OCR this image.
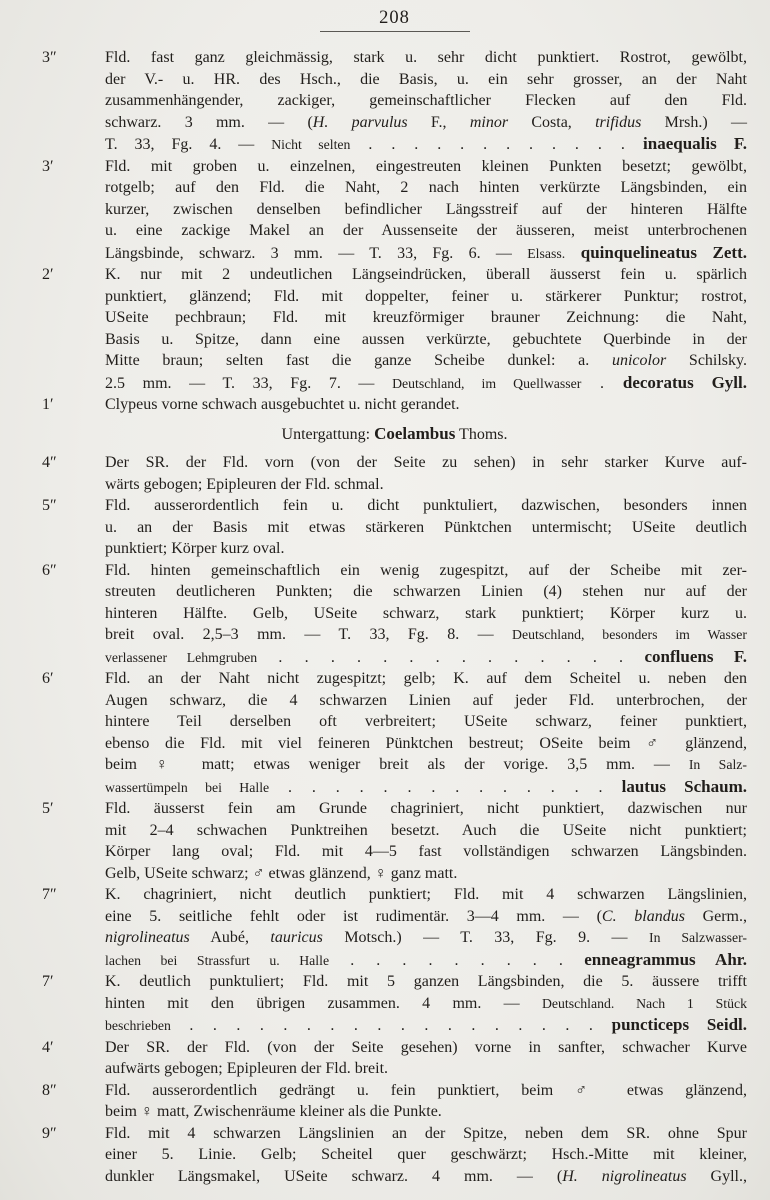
208
3″	Fld. fast ganz gleichmässig, stark u. sehr dicht punktiert. Rostrot, gewölbt,
der V.- u. HR. des Hsch., die Basis, u. ein sehr grosser, an der Naht
zusammenhängender, zackiger, gemeinschaftlicher Flecken auf den Fld.
schwarz. 3 mm. — (H. parvulus F., minor Costa, trifidus Mrsh.) —
T. 33, Fg. 4. — Nicht selten . . . . . . . . . . . . inaequalis F.
3′	Fld. mit groben u. einzelnen, eingestreuten kleinen Punkten besetzt; gewölbt,
rotgelb; auf den Fld. die Naht, 2 nach hinten verkürzte Längsbinden, ein
kurzer, zwischen denselben befindlicher Längsstreif auf der hinteren Hälfte
u. eine zackige Makel an der Aussenseite der äusseren, meist unterbrochenen
Längsbinde, schwarz. 3 mm. — T. 33, Fg. 6. — Elsass. quinquelineatus Zett.
2′	K. nur mit 2 undeutlichen Längseindrücken, überall äusserst fein u. spärlich
punktiert, glänzend; Fld. mit doppelter, feiner u. stärkerer Punktur; rostrot,
USeite pechbraun; Fld. mit kreuzförmiger brauner Zeichnung: die Naht,
Basis u. Spitze, dann eine aussen verkürzte, gebuchtete Querbinde in der
Mitte braun; selten fast die ganze Scheibe dunkel: a. unicolor Schilsky.
2.5 mm. — T. 33, Fg. 7. — Deutschland, im Quellwasser . decoratus Gyll.
1′	Clypeus vorne schwach ausgebuchtet u. nicht gerandet.
Untergattung: Coelambus Thoms.
4″	Der SR. der Fld. vorn (von der Seite zu sehen) in sehr starker Kurve auf-
wärts gebogen; Epipleuren der Fld. schmal.
5″	Fld. ausserordentlich fein u. dicht punktuliert, dazwischen, besonders innen
u. an der Basis mit etwas stärkeren Pünktchen untermischt; USeite deutlich
punktiert; Körper kurz oval.
6″	Fld. hinten gemeinschaftlich ein wenig zugespitzt, auf der Scheibe mit zer-
streuten deutlicheren Punkten; die schwarzen Linien (4) stehen nur auf der
hinteren Hälfte. Gelb, USeite schwarz, stark punktiert; Körper kurz u.
breit oval. 2,5–3 mm. — T. 33, Fg. 8. — Deutschland, besonders im Wasser
verlassener Lehmgruben . . . . . . . . . . . . . . confluens F.
6′	Fld. an der Naht nicht zugespitzt; gelb; K. auf dem Scheitel u. neben den
Augen schwarz, die 4 schwarzen Linien auf jeder Fld. unterbrochen, der
hintere Teil derselben oft verbreitert; USeite schwarz, feiner punktiert,
ebenso die Fld. mit viel feineren Pünktchen bestreut; OSeite beim ♂ glänzend,
beim ♀ matt; etwas weniger breit als der vorige. 3,5 mm. — In Salz-
wassertümpeln bei Halle . . . . . . . . . . . . . . lautus Schaum.
5′	Fld. äusserst fein am Grunde chagriniert, nicht punktiert, dazwischen nur
mit 2–4 schwachen Punktreihen besetzt. Auch die USeite nicht punktiert;
Körper lang oval; Fld. mit 4—5 fast vollständigen schwarzen Längsbinden.
Gelb, USeite schwarz; ♂ etwas glänzend, ♀ ganz matt.
7″	K. chagriniert, nicht deutlich punktiert; Fld. mit 4 schwarzen Längslinien,
eine 5. seitliche fehlt oder ist rudimentär. 3—4 mm. — (C. blandus Germ.,
nigrolineatus Aubé, tauricus Motsch.) — T. 33, Fg. 9. — In Salzwasser-
lachen bei Strassfurt u. Halle . . . . . . . . . enneagrammus Ahr.
7′	K. deutlich punktuliert; Fld. mit 5 ganzen Längsbinden, die 5. äussere trifft
hinten mit den übrigen zusammen. 4 mm. — Deutschland. Nach 1 Stück
beschrieben . . . . . . . . . . . . . . . . . . puncticeps Seidl.
4′	Der SR. der Fld. (von der Seite gesehen) vorne in sanfter, schwacher Kurve
aufwärts gebogen; Epipleuren der Fld. breit.
8″	Fld. ausserordentlich gedrängt u. fein punktiert, beim ♂ etwas glänzend,
beim ♀ matt, Zwischenräume kleiner als die Punkte.
9″	Fld. mit 4 schwarzen Längslinien an der Spitze, neben dem SR. ohne Spur
einer 5. Linie. Gelb; Scheitel quer geschwärzt; Hsch.-Mitte mit kleiner,
dunkler Längsmakel, USeite schwarz. 4 mm. — (H. nigrolineatus Gyll.,
